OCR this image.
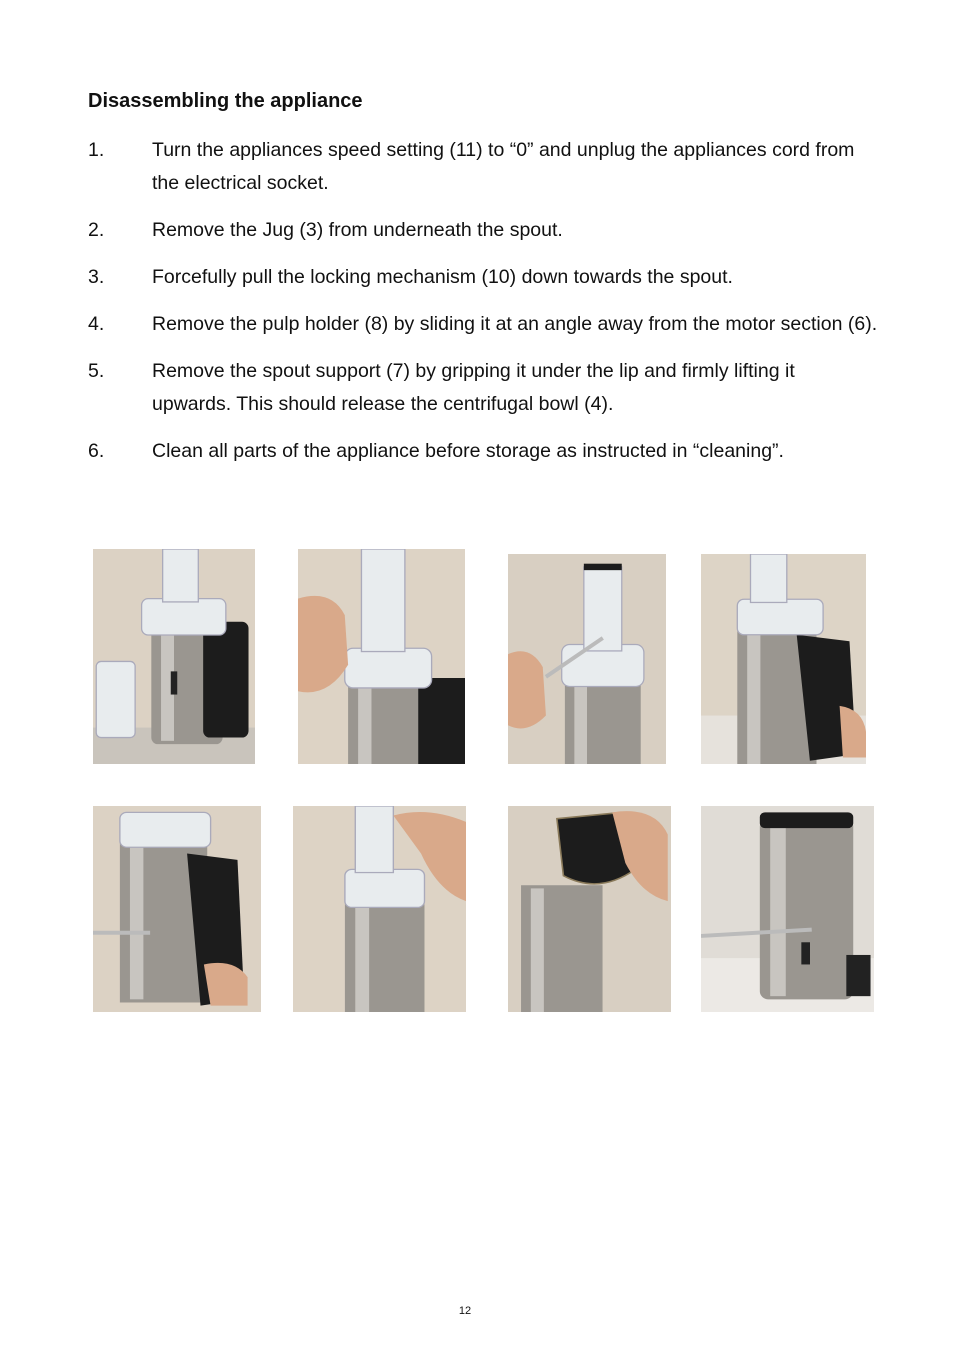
Disassembling the appliance
1.	Turn the appliances speed setting (11) to “0” and unplug the appliances cord from the electrical socket.
2.	Remove the Jug (3) from underneath the spout.
3.	Forcefully pull the locking mechanism (10) down towards the spout.
4.	Remove the pulp holder (8) by sliding it at an angle away from the motor section (6).
5.	Remove the spout support (7) by gripping it under the lip and firmly lifting it upwards. This should release the centrifugal bowl (4).
6.	Clean all parts of the appliance before storage as instructed in “cleaning”.
12
